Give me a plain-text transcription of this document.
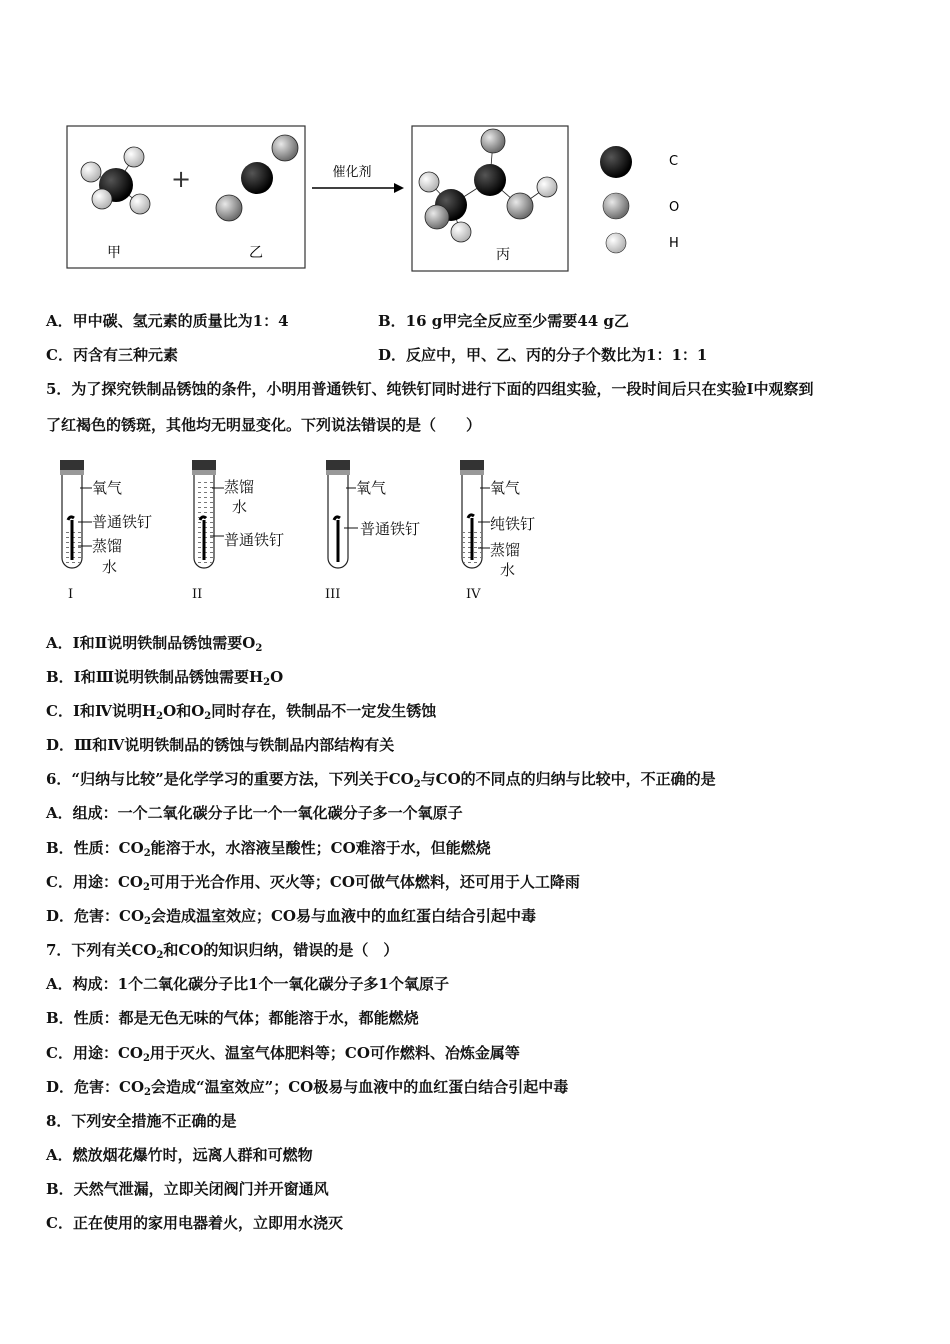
+
甲	乙
催化剂
丙
C
O
H
A．甲中碳、氢元素的质量比为1：4	B．16 g甲完全反应至少需要44 g乙
C．丙含有三种元素	D．反应中，甲、乙、丙的分子个数比为1：1：1
5．为了探究铁制品锈蚀的条件，小明用普通铁钉、纯铁钉同时进行下面的四组实验，一段时间后只在实验Ⅰ中观察到
了红褐色的锈斑，其他均无明显变化。下列说法错误的是（　　）
氧气
普通铁钉
蒸馏
水
I
蒸馏
水
普通铁钉
II
氧气
普通铁钉
III
氧气
纯铁钉
蒸馏
水
IV
A．Ⅰ和Ⅱ说明铁制品锈蚀需要$O_2$
B．Ⅰ和Ⅲ说明铁制品锈蚀需要$H_2O$
C．Ⅰ和Ⅳ说明$H_2O$和$O_2$同时存在，铁制品不一定发生锈蚀
D．Ⅲ和Ⅳ说明铁制品的锈蚀与铁制品内部结构有关
6．“归纳与比较”是化学学习的重要方法，下列关于$CO_2$与CO的不同点的归纳与比较中，不正确的是
A．组成：一个二氧化碳分子比一个一氧化碳分子多一个氧原子
B．性质：$CO_2$能溶于水，水溶液呈酸性；CO难溶于水，但能燃烧
C．用途：$CO_2$可用于光合作用、灭火等；CO可做气体燃料，还可用于人工降雨
D．危害：$CO_2$会造成温室效应；CO易与血液中的血红蛋白结合引起中毒
7．下列有关$CO_2$和CO的知识归纳，错误的是（　）
A．构成：1个二氧化碳分子比1个一氧化碳分子多1个氧原子
B．性质：都是无色无味的气体；都能溶于水，都能燃烧
C．用途：$CO_2$用于灭火、温室气体肥料等；CO可作燃料、冶炼金属等
D．危害：$CO_2$会造成“温室效应”；CO极易与血液中的血红蛋白结合引起中毒
8．下列安全措施不正确的是
A．燃放烟花爆竹时，远离人群和可燃物
B．天然气泄漏，立即关闭阀门并开窗通风
C．正在使用的家用电器着火，立即用水浇灭
